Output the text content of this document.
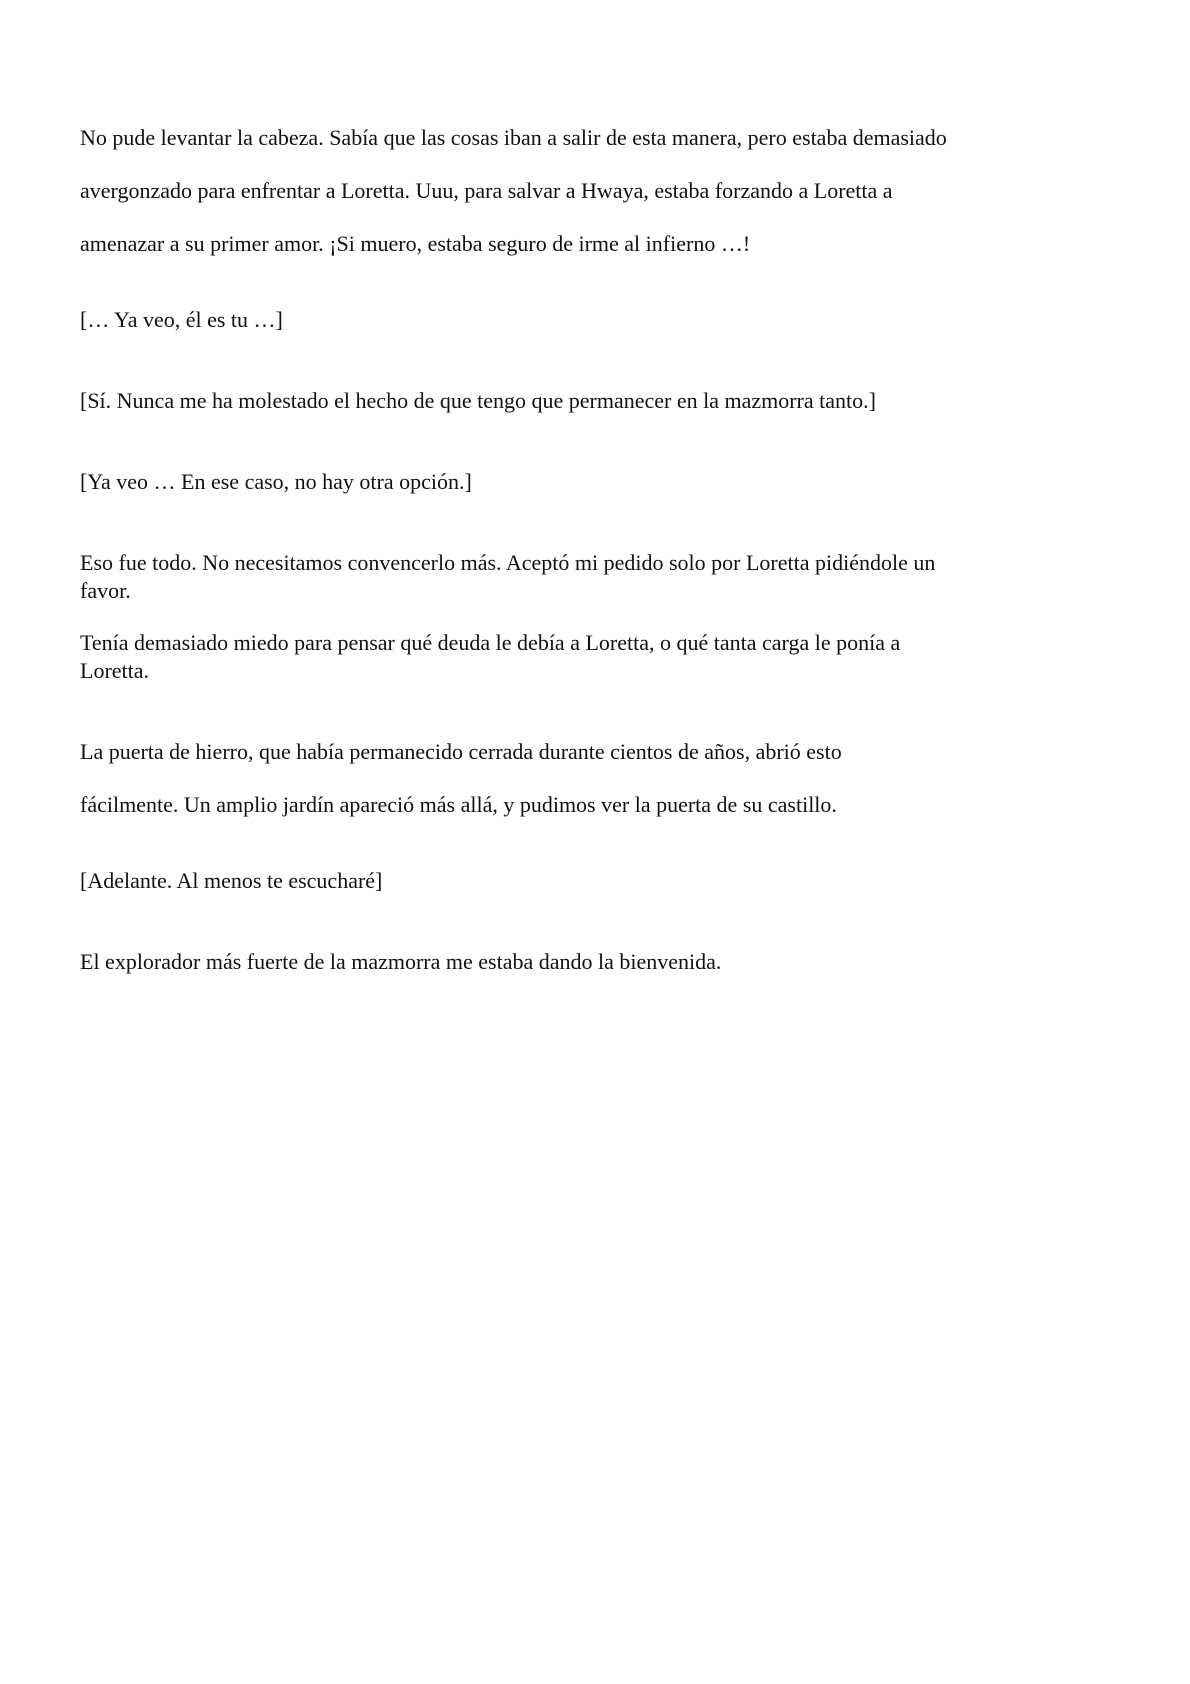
No pude levantar la cabeza. Sabía que las cosas iban a salir de esta manera, pero estaba demasiado

avergonzado para enfrentar a Loretta. Uuu, para salvar a Hwaya, estaba forzando a Loretta a

amenazar a su primer amor. ¡Si muero, estaba seguro de irme al infierno …!

[… Ya veo, él es tu …]

[Sí. Nunca me ha molestado el hecho de que tengo que permanecer en la mazmorra tanto.]

[Ya veo … En ese caso, no hay otra opción.]

Eso fue todo. No necesitamos convencerlo más. Aceptó mi pedido solo por Loretta pidiéndole un

favor.

Tenía demasiado miedo para pensar qué deuda le debía a Loretta, o qué tanta carga le ponía a

Loretta.

La puerta de hierro, que había permanecido cerrada durante cientos de años, abrió esto

fácilmente. Un amplio jardín apareció más allá, y pudimos ver la puerta de su castillo.

[Adelante. Al menos te escucharé]

El explorador más fuerte de la mazmorra me estaba dando la bienvenida.
